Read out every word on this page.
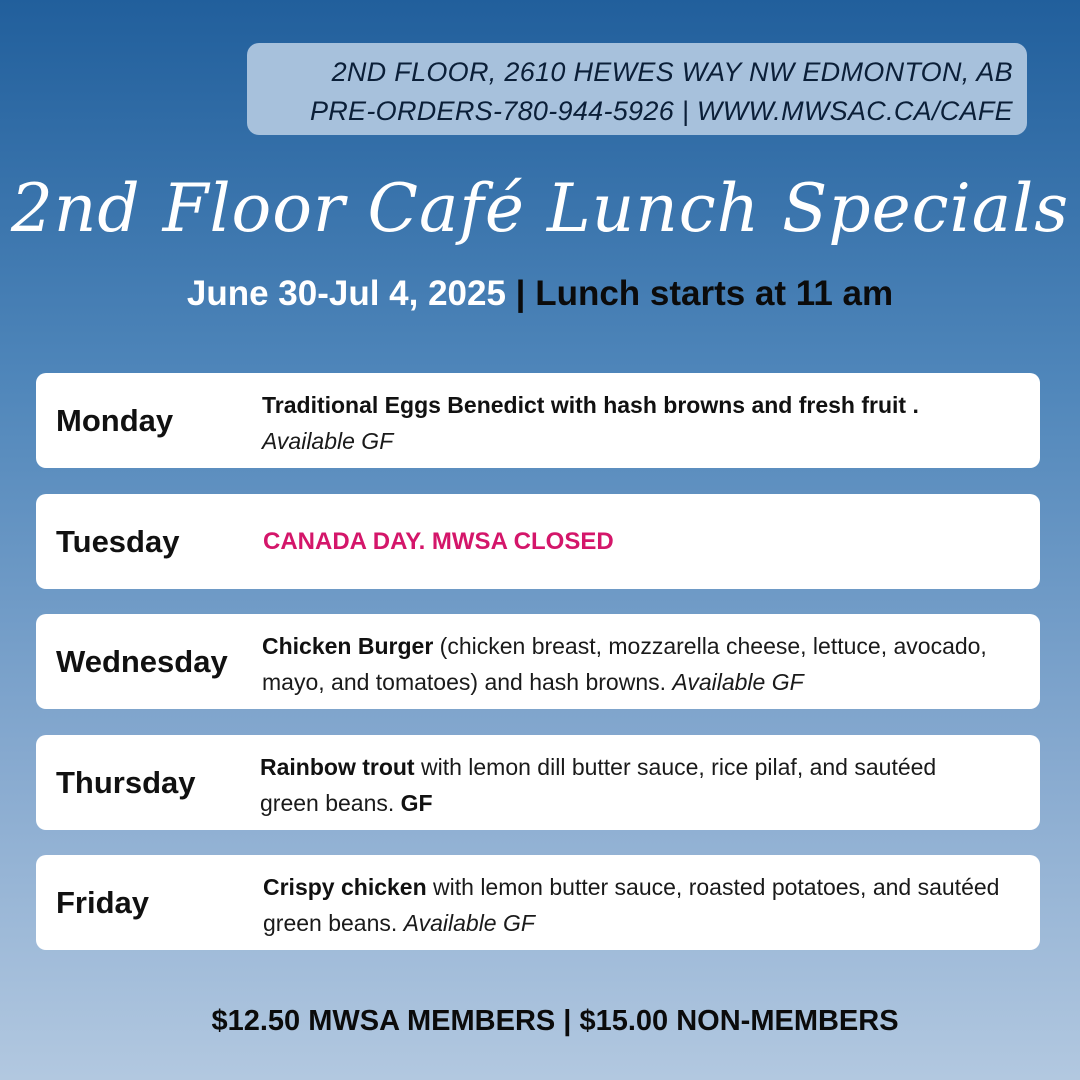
2ND FLOOR, 2610 HEWES WAY NW EDMONTON, AB
PRE-ORDERS-780-944-5926 | WWW.MWSAC.CA/CAFE
2nd Floor Café Lunch Specials
June 30-Jul 4, 2025 | Lunch starts at 11 am
Monday	Traditional Eggs Benedict with hash browns and fresh fruit . Available GF
Tuesday	CANADA DAY. MWSA CLOSED
Wednesday Chicken Burger (chicken breast, mozzarella cheese, lettuce, avocado, mayo, and tomatoes) and hash browns. Available GF
Thursday	Rainbow trout with lemon dill butter sauce, rice pilaf, and sautéed green beans. GF
Friday	Crispy chicken with lemon butter sauce, roasted potatoes, and sautéed green beans. Available GF
$12.50 MWSA MEMBERS | $15.00 NON-MEMBERS
